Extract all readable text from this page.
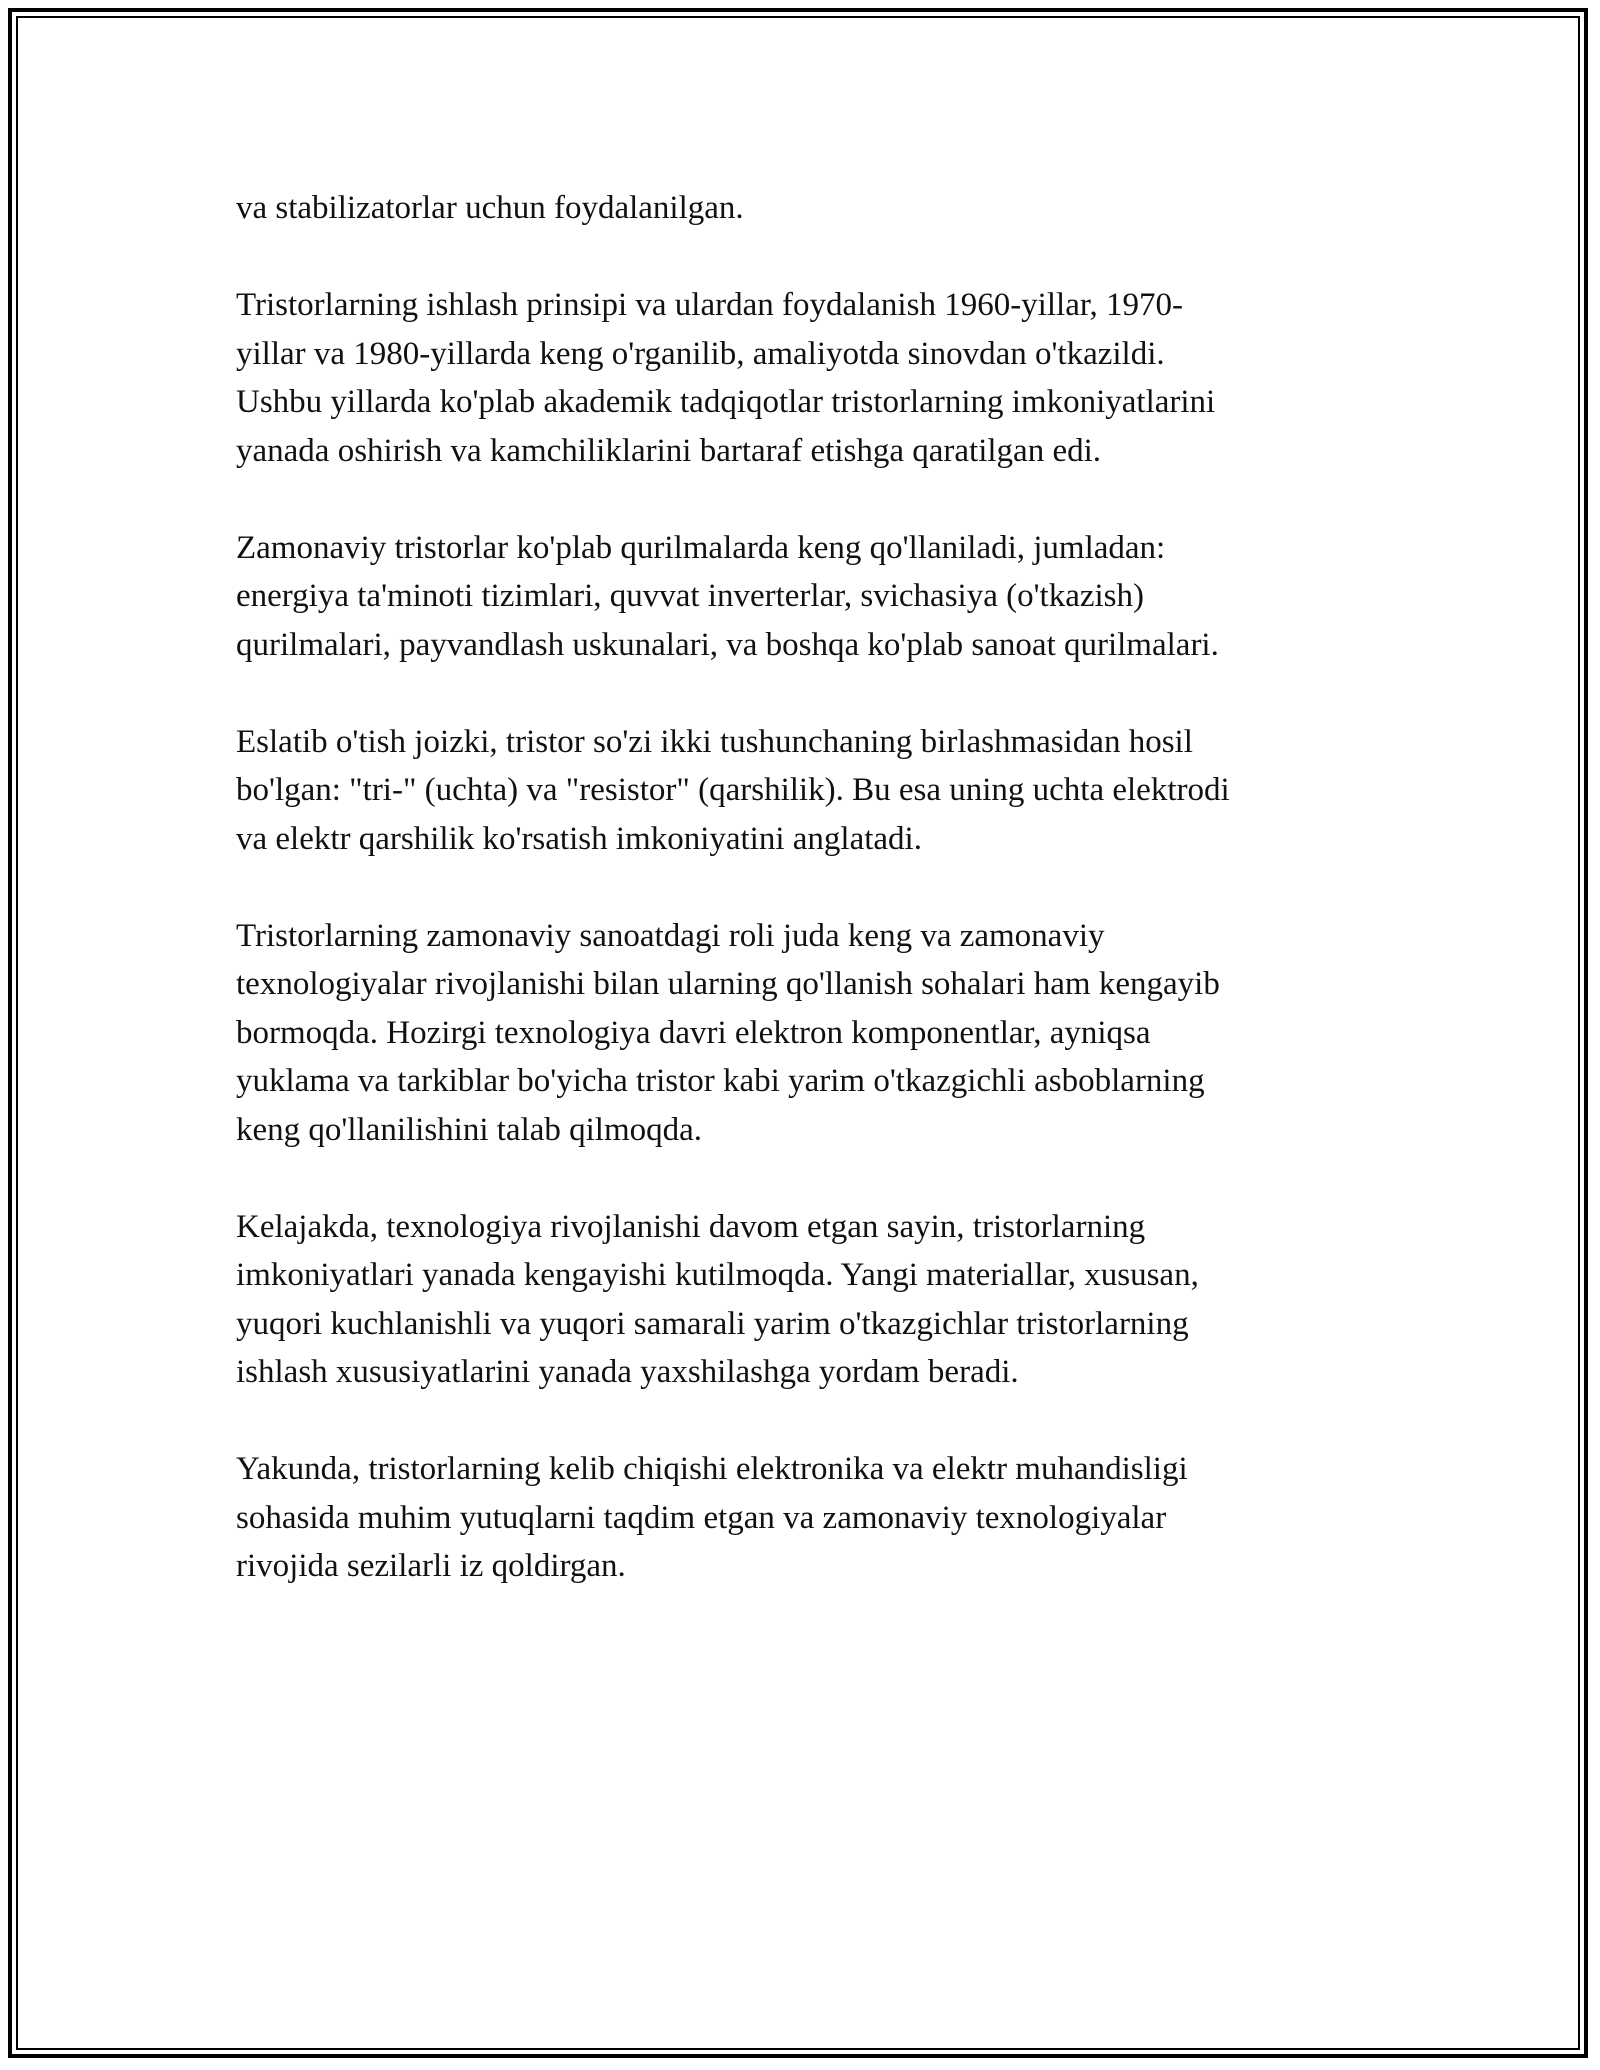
va stabilizatorlar uchun foydalanilgan.

Tristorlarning ishlash prinsipi va ulardan foydalanish 1960-yillar, 1970-
yillar va 1980-yillarda keng o'rganilib, amaliyotda sinovdan o'tkazildi.
Ushbu yillarda ko'plab akademik tadqiqotlar tristorlarning imkoniyatlarini
yanada oshirish va kamchiliklarini bartaraf etishga qaratilgan edi.

Zamonaviy tristorlar ko'plab qurilmalarda keng qo'llaniladi, jumladan:
energiya ta'minoti tizimlari, quvvat inverterlar, svichasiya (o'tkazish)
qurilmalari, payvandlash uskunalari, va boshqa ko'plab sanoat qurilmalari.

Eslatib o'tish joizki, tristor so'zi ikki tushunchaning birlashmasidan hosil
bo'lgan: "tri-" (uchta) va "resistor" (qarshilik). Bu esa uning uchta elektrodi
va elektr qarshilik ko'rsatish imkoniyatini anglatadi.

Tristorlarning zamonaviy sanoatdagi roli juda keng va zamonaviy
texnologiyalar rivojlanishi bilan ularning qo'llanish sohalari ham kengayib
bormoqda. Hozirgi texnologiya davri elektron komponentlar, ayniqsa
yuklama va tarkiblar bo'yicha tristor kabi yarim o'tkazgichli asboblarning
keng qo'llanilishini talab qilmoqda.

Kelajakda, texnologiya rivojlanishi davom etgan sayin, tristorlarning
imkoniyatlari yanada kengayishi kutilmoqda. Yangi materiallar, xususan,
yuqori kuchlanishli va yuqori samarali yarim o'tkazgichlar tristorlarning
ishlash xususiyatlarini yanada yaxshilashga yordam beradi.

Yakunda, tristorlarning kelib chiqishi elektronika va elektr muhandisligi
sohasida muhim yutuqlarni taqdim etgan va zamonaviy texnologiyalar
rivojida sezilarli iz qoldirgan.
